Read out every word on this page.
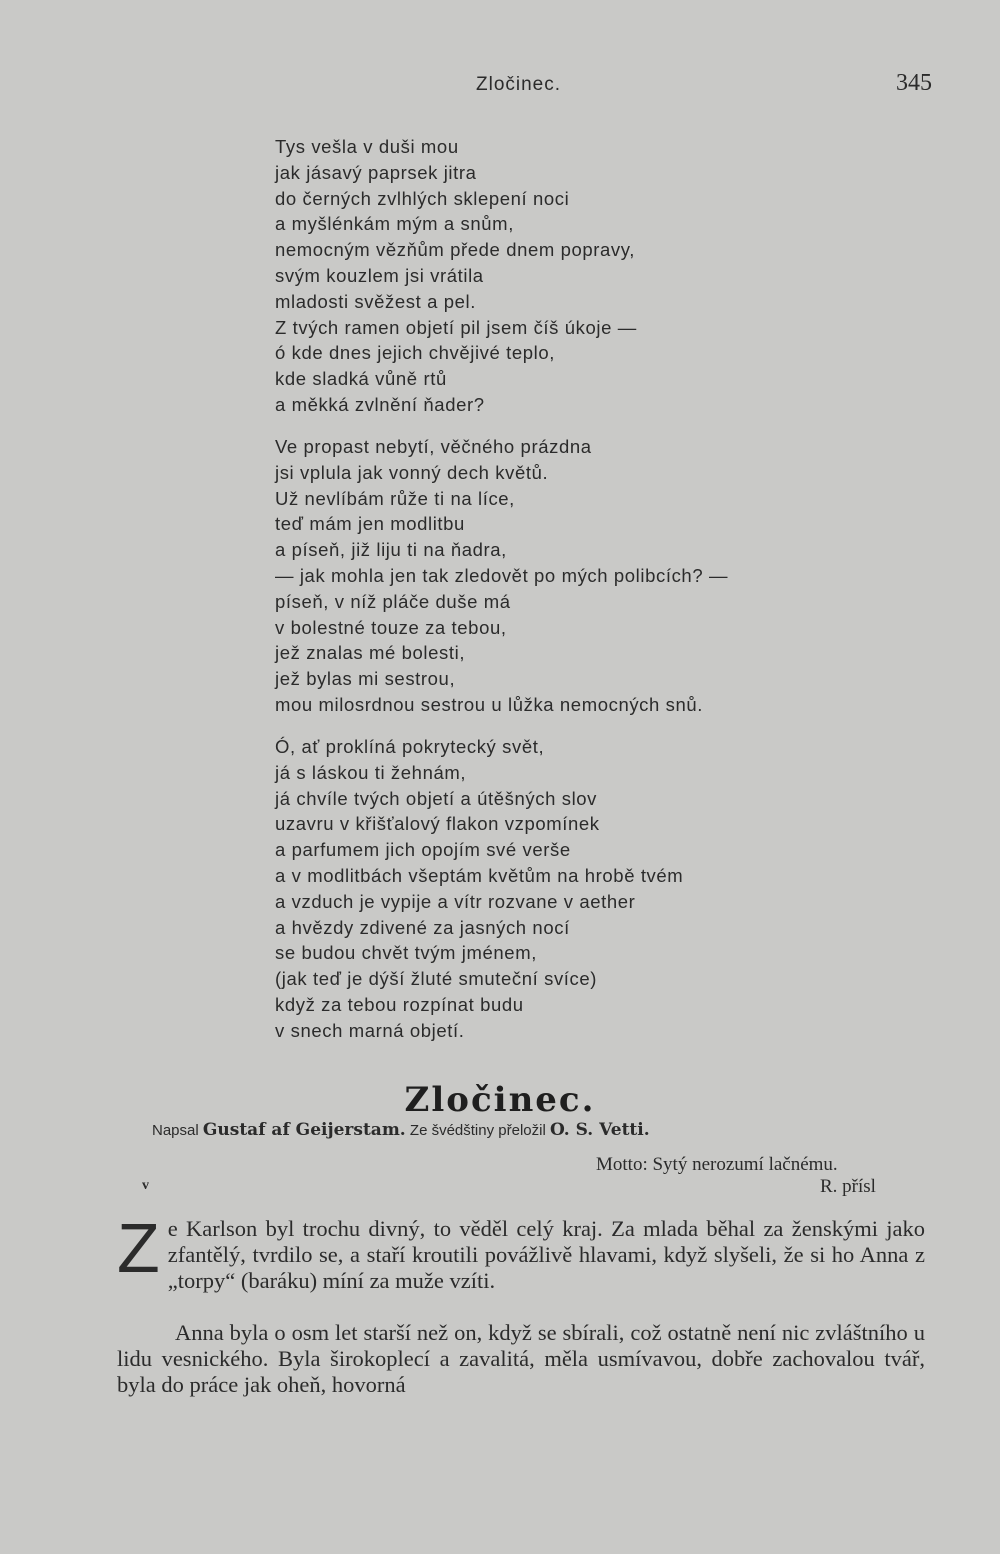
Zločinec.	345
Tys vešla v duši mou
jak jásavý paprsek jitra
do černých zvlhlých sklepení noci
a myšlénkám mým a snům,
nemocným vězňům přede dnem popravy,
svým kouzlem jsi vrátila
mladosti svěžest a pel.
Z tvých ramen objetí pil jsem číš úkoje —
ó kde dnes jejich chvějivé teplo,
kde sladká vůně rtů
a měkká zvlnění ňader?
Ve propast nebytí, věčného prázdna
jsi vplula jak vonný dech květů.
Už nevlíbám růže ti na líce,
teď mám jen modlitbu
a píseň, již liju ti na ňadra,
— jak mohla jen tak zledovět po mých polibcích? —
píseň, v níž pláče duše má
v bolestné touze za tebou,
jež znalas mé bolesti,
jež bylas mi sestrou,
mou milosrdnou sestrou u lůžka nemocných snů.
Ó, ať proklíná pokrytecký svět,
já s láskou ti žehnám,
já chvíle tvých objetí a útěšných slov
uzavru v křišťalový flakon vzpomínek
a parfumem jich opojím své verše
a v modlitbách všeptám květům na hrobě tvém
a vzduch je vypije a vítr rozvane v aether
a hvězdy zdivené za jasných nocí
se budou chvět tvým jménem,
(jak teď je dýší žluté smuteční svíce)
když za tebou rozpínat budu
v snech marná objetí.
Zločinec.
Napsal Gustaf af Geijerstam. Ze švédštiny přeložil O. S. Vetti.
Motto: Sytý nerozumí lačnému.
R. přísl
v

Ze Karlson byl trochu divný, to věděl celý kraj. Za mlada běhal za ženskými jako zfantělý, tvrdilo se, a staří kroutili povážlivě hlavami, když slyšeli, že si ho Anna z „torpy“ (baráku) míní za muže vzíti.

Anna byla o osm let starší než on, když se sbírali, což ostatně není nic zvláštního u lidu vesnického. Byla širokoplecí a zavalitá, měla usmívavou, dobře zachovalou tvář, byla do práce jak oheň, hovorná
